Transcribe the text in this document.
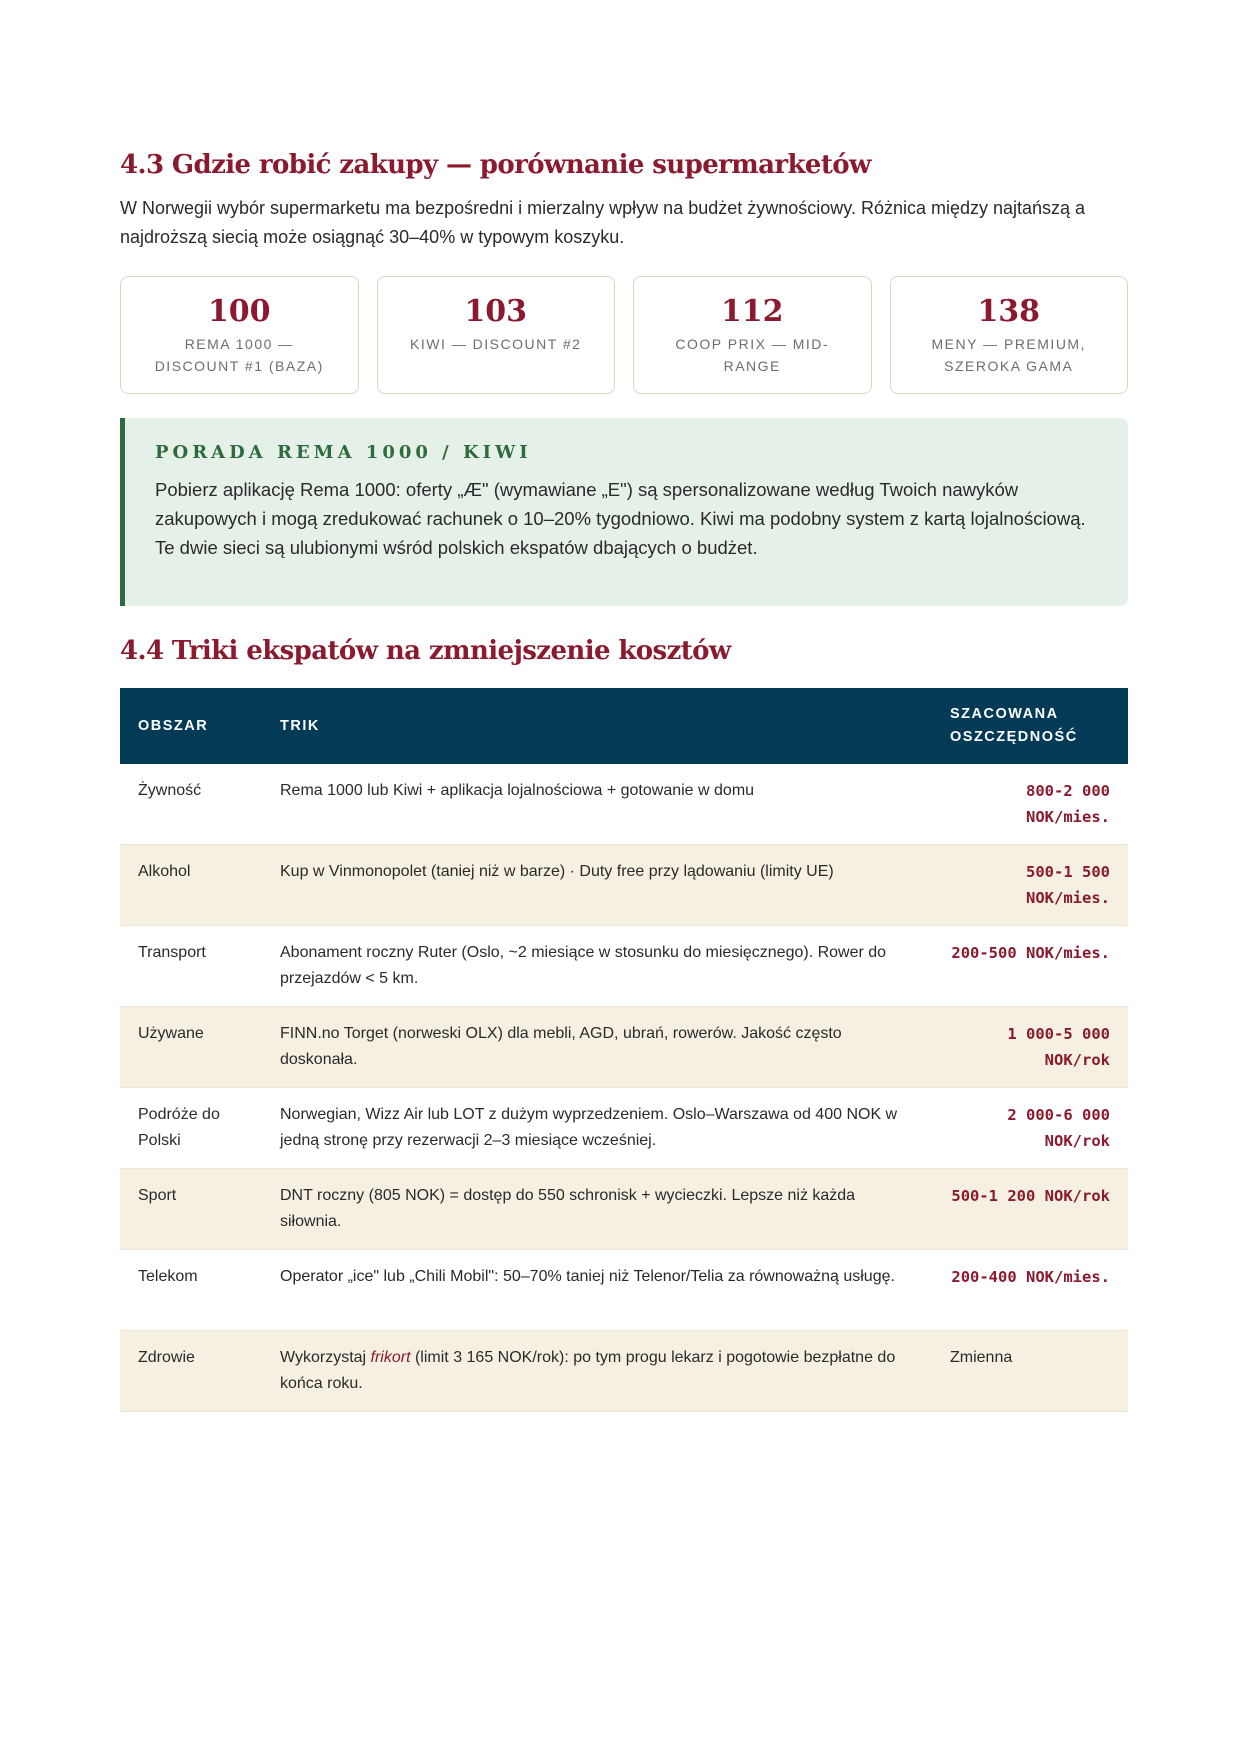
4.3 Gdzie robić zakupy — porównanie supermarketów

W Norwegii wybór supermarketu ma bezpośredni i mierzalny wpływ na budżet żywnościowy. Różnica między najtańszą a najdroższą siecią może osiągnąć 30–40% w typowym koszyku.

100
REMA 1000 — DISCOUNT #1 (BAZA)
103
KIWI — DISCOUNT #2
112
COOP PRIX — MID-RANGE
138
MENY — PREMIUM, SZEROKA GAMA
PORADA REMA 1000 / KIWI

Pobierz aplikację Rema 1000: oferty „Æ" (wymawiane „E") są spersonalizowane według Twoich nawyków zakupowych i mogą zredukować rachunek o 10–20% tygodniowo. Kiwi ma podobny system z kartą lojalnościową. Te dwie sieci są ulubionymi wśród polskich ekspatów dbających o budżet.

4.4 Triki ekspatów na zmniejszenie kosztów
OBSZAR	TRIK	SZACOWANA OSZCZĘDNOŚĆ
Żywność	Rema 1000 lub Kiwi + aplikacja lojalnościowa + gotowanie w domu	800-2 000 NOK/mies.
Alkohol	Kup w Vinmonopolet (taniej niż w barze) · Duty free przy lądowaniu (limity UE)	500-1 500 NOK/mies.
Transport	Abonament roczny Ruter (Oslo, ~2 miesiące w stosunku do miesięcznego). Rower do przejazdów < 5 km.	200-500 NOK/mies.
Używane	FINN.no Torget (norweski OLX) dla mebli, AGD, ubrań, rowerów. Jakość często doskonała.	1 000-5 000 NOK/rok
Podróże do Polski	Norwegian, Wizz Air lub LOT z dużym wyprzedzeniem. Oslo–Warszawa od 400 NOK w jedną stronę przy rezerwacji 2–3 miesiące wcześniej.	2 000-6 000 NOK/rok
Sport	DNT roczny (805 NOK) = dostęp do 550 schronisk + wycieczki. Lepsze niż każda siłownia.	500-1 200 NOK/rok
Telekom	Operator „ice" lub „Chili Mobil": 50–70% taniej niż Telenor/Telia za równoważną usługę.	200-400 NOK/mies.
Zdrowie	Wykorzystaj frikort (limit 3 165 NOK/rok): po tym progu lekarz i pogotowie bezpłatne do końca roku.	Zmienna
